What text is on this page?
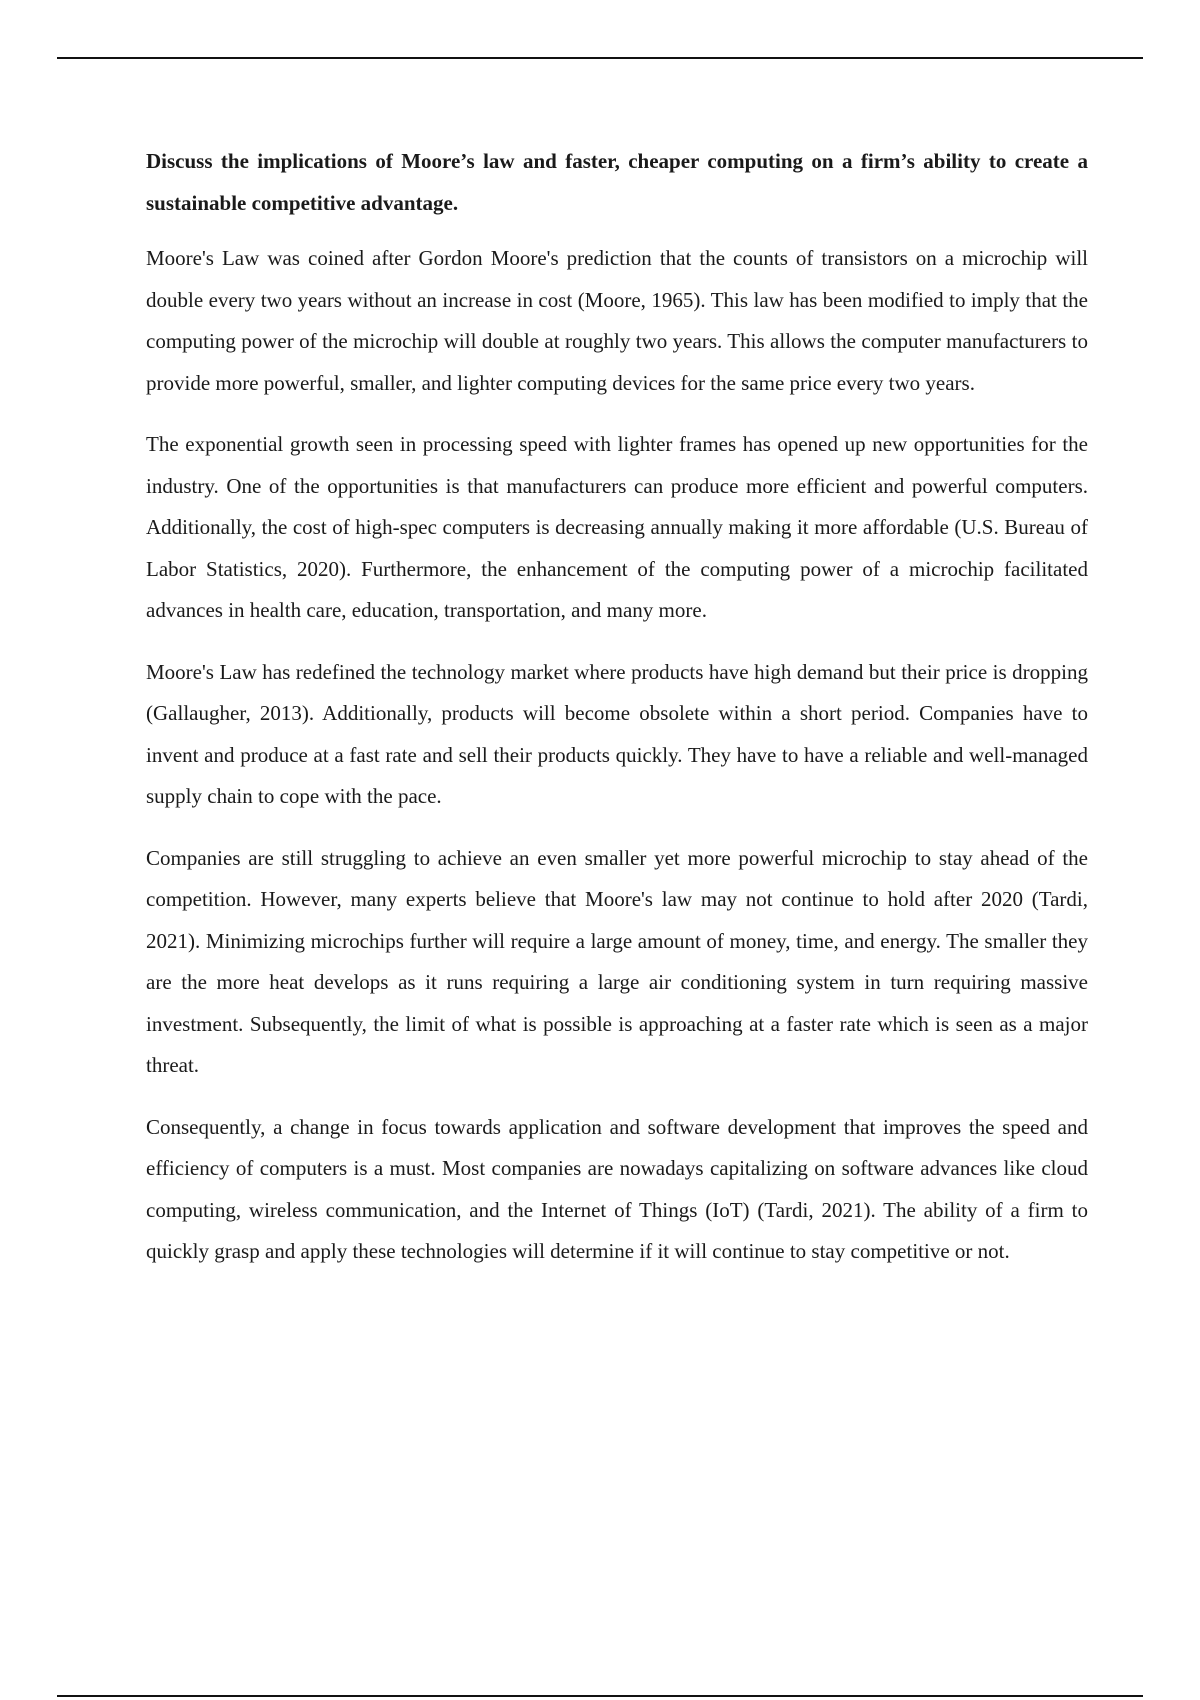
Discuss the implications of Moore’s law and faster, cheaper computing on a firm’s ability to create a sustainable competitive advantage.

Moore's Law was coined after Gordon Moore's prediction that the counts of transistors on a microchip will double every two years without an increase in cost (Moore, 1965). This law has been modified to imply that the computing power of the microchip will double at roughly two years. This allows the computer manufacturers to provide more powerful, smaller, and lighter computing devices for the same price every two years.

The exponential growth seen in processing speed with lighter frames has opened up new opportunities for the industry. One of the opportunities is that manufacturers can produce more efficient and powerful computers. Additionally, the cost of high-spec computers is decreasing annually making it more affordable (U.S. Bureau of Labor Statistics, 2020). Furthermore, the enhancement of the computing power of a microchip facilitated advances in health care, education, transportation, and many more.

Moore's Law has redefined the technology market where products have high demand but their price is dropping (Gallaugher, 2013). Additionally, products will become obsolete within a short period. Companies have to invent and produce at a fast rate and sell their products quickly. They have to have a reliable and well-managed supply chain to cope with the pace.

Companies are still struggling to achieve an even smaller yet more powerful microchip to stay ahead of the competition. However, many experts believe that Moore's law may not continue to hold after 2020 (Tardi, 2021). Minimizing microchips further will require a large amount of money, time, and energy. The smaller they are the more heat develops as it runs requiring a large air conditioning system in turn requiring massive investment. Subsequently, the limit of what is possible is approaching at a faster rate which is seen as a major threat.

Consequently, a change in focus towards application and software development that improves the speed and efficiency of computers is a must. Most companies are nowadays capitalizing on software advances like cloud computing, wireless communication, and the Internet of Things (IoT) (Tardi, 2021). The ability of a firm to quickly grasp and apply these technologies will determine if it will continue to stay competitive or not.
